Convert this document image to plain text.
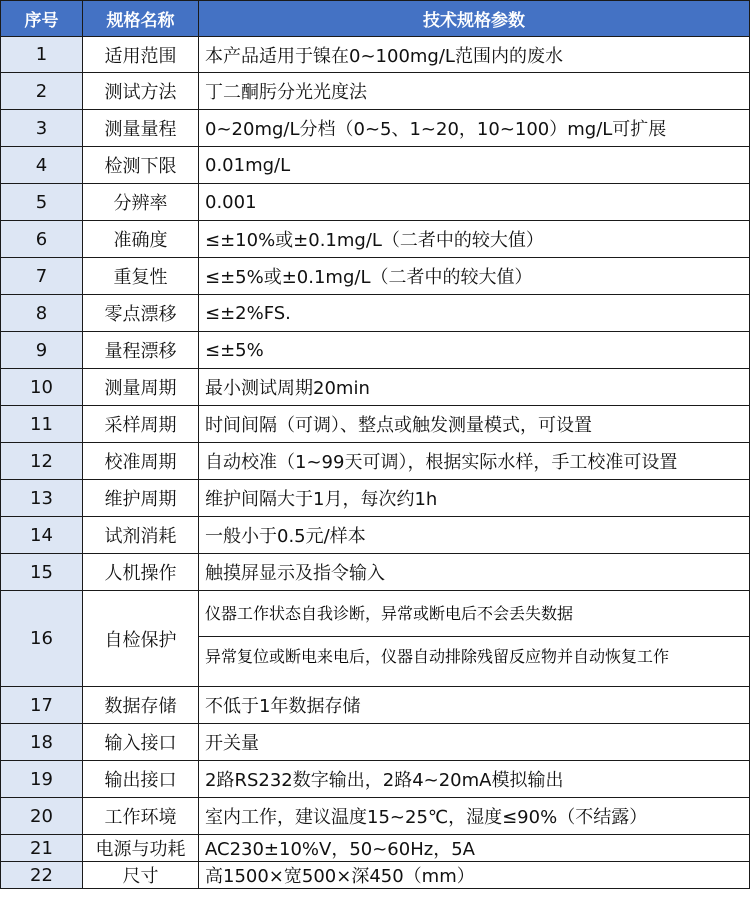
序号	规格名称	技术规格参数
1	适用范围	本产品适用于镍在0~100mg/L范围内的废水
2	测试方法	丁二酮肟分光光度法
3	测量量程	0~20mg/L分档（0~5、1~20，10~100）mg/L可扩展
4	检测下限	0.01mg/L
5	分辨率	0.001
6	准确度	≤±10%或±0.1mg/L（二者中的较大值）
7	重复性	≤±5%或±0.1mg/L（二者中的较大值）
8	零点漂移	≤±2%FS.
9	量程漂移	≤±5%
10	测量周期	最小测试周期20min
11	采样周期	时间间隔（可调）、整点或触发测量模式，可设置
12	校准周期	自动校准（1~99天可调），根据实际水样，手工校准可设置
13	维护周期	维护间隔大于1月，每次约1h
14	试剂消耗	一般小于0.5元/样本
15	人机操作	触摸屏显示及指令输入
16	自检保护	仪器工作状态自我诊断，异常或断电后不会丢失数据
异常复位或断电来电后，仪器自动排除残留反应物并自动恢复工作

17	数据存储	不低于1年数据存储
18	输入接口	开关量
19	输出接口	2路RS232数字输出，2路4~20mA模拟输出
20	工作环境	室内工作，建议温度15~25℃，湿度≤90%（不结露）
21	电源与功耗	AC230±10%V，50~60Hz，5A
22	尺寸	高1500×宽500×深450（mm）
